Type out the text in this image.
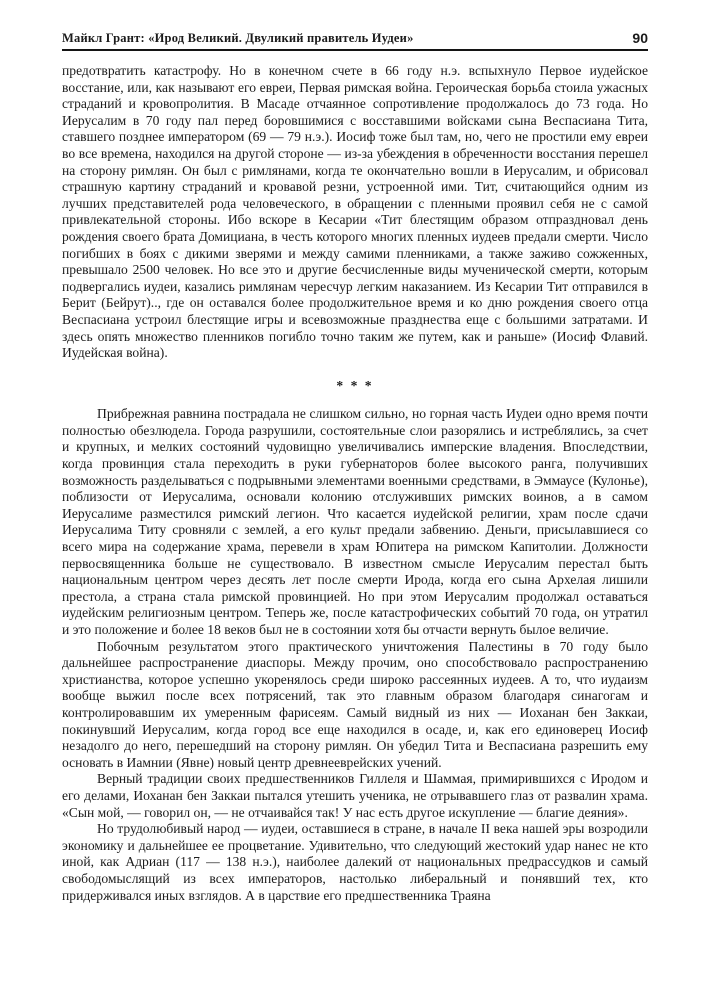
Майкл Грант: «Ирод Великий. Двуликий правитель Иудеи»	90

предотвратить катастрофу. Но в конечном счете в 66 году н.э. вспыхнуло Первое иудейское восстание, или, как называют его евреи, Первая римская война. Героическая борьба стоила ужасных страданий и кровопролития. В Масаде отчаянное сопротивление продолжалось до 73 года. Но Иерусалим в 70 году пал перед боровшимися с восставшими войсками сына Веспасиана Тита, ставшего позднее императором (69 — 79 н.э.). Иосиф тоже был там, но, чего не простили ему евреи во все времена, находился на другой стороне — из-за убеждения в обреченности восстания перешел на сторону римлян. Он был с римлянами, когда те окончательно вошли в Иерусалим, и обрисовал страшную картину страданий и кровавой резни, устроенной ими. Тит, считающийся одним из лучших представителей рода человеческого, в обращении с пленными проявил себя не с самой привлекательной стороны. Ибо вскоре в Кесарии «Тит блестящим образом отпраздновал день рождения своего брата Домициана, в честь которого многих пленных иудеев предали смерти. Число погибших в боях с дикими зверями и между самими пленниками, а также заживо сожженных, превышало 2500 человек. Но все это и другие бесчисленные виды мученической смерти, которым подвергались иудеи, казались римлянам чересчур легким наказанием. Из Кесарии Тит отправился в Берит (Бейрут).., где он оставался более продолжительное время и ко дню рождения своего отца Веспасиана устроил блестящие игры и всевозможные празднества еще с большими затратами. И здесь опять множество пленников погибло точно таким же путем, как и раньше» (Иосиф Флавий. Иудейская война).

* * *

Прибрежная равнина пострадала не слишком сильно, но горная часть Иудеи одно время почти полностью обезлюдела. Города разрушили, состоятельные слои разорялись и истреблялись, за счет и крупных, и мелких состояний чудовищно увеличивались имперские владения. Впоследствии, когда провинция стала переходить в руки губернаторов более высокого ранга, получивших возможность разделываться с подрывными элементами военными средствами, в Эммаусе (Кулонье), поблизости от Иерусалима, основали колонию отслуживших римских воинов, а в самом Иерусалиме разместился римский легион. Что касается иудейской религии, храм после сдачи Иерусалима Титу сровняли с землей, а его культ предали забвению. Деньги, присылавшиеся со всего мира на содержание храма, перевели в храм Юпитера на римском Капитолии. Должности первосвященника больше не существовало. В известном смысле Иерусалим перестал быть национальным центром через десять лет после смерти Ирода, когда его сына Архелая лишили престола, а страна стала римской провинцией. Но при этом Иерусалим продолжал оставаться иудейским религиозным центром. Теперь же, после катастрофических событий 70 года, он утратил и это положение и более 18 веков был не в состоянии хотя бы отчасти вернуть былое величие.

Побочным результатом этого практического уничтожения Палестины в 70 году было дальнейшее распространение диаспоры. Между прочим, оно способствовало распространению христианства, которое успешно укоренялось среди широко рассеянных иудеев. А то, что иудаизм вообще выжил после всех потрясений, так это главным образом благодаря синагогам и контролировавшим их умеренным фарисеям. Самый видный из них — Иоханан бен Заккаи, покинувший Иерусалим, когда город все еще находился в осаде, и, как его единоверец Иосиф незадолго до него, перешедший на сторону римлян. Он убедил Тита и Веспасиана разрешить ему основать в Иамнии (Явне) новый центр древнееврейских учений.

Верный традиции своих предшественников Гиллеля и Шаммая, примирившихся с Иродом и его делами, Иоханан бен Заккаи пытался утешить ученика, не отрывавшего глаз от развалин храма. «Сын мой, — говорил он, — не отчаивайся так! У нас есть другое искупление — благие деяния».

Но трудолюбивый народ — иудеи, оставшиеся в стране, в начале II века нашей эры возродили экономику и дальнейшее ее процветание. Удивительно, что следующий жестокий удар нанес не кто иной, как Адриан (117 — 138 н.э.), наиболее далекий от национальных предрассудков и самый свободомыслящий из всех императоров, настолько либеральный и понявший тех, кто придерживался иных взглядов. А в царствие его предшественника Траяна
